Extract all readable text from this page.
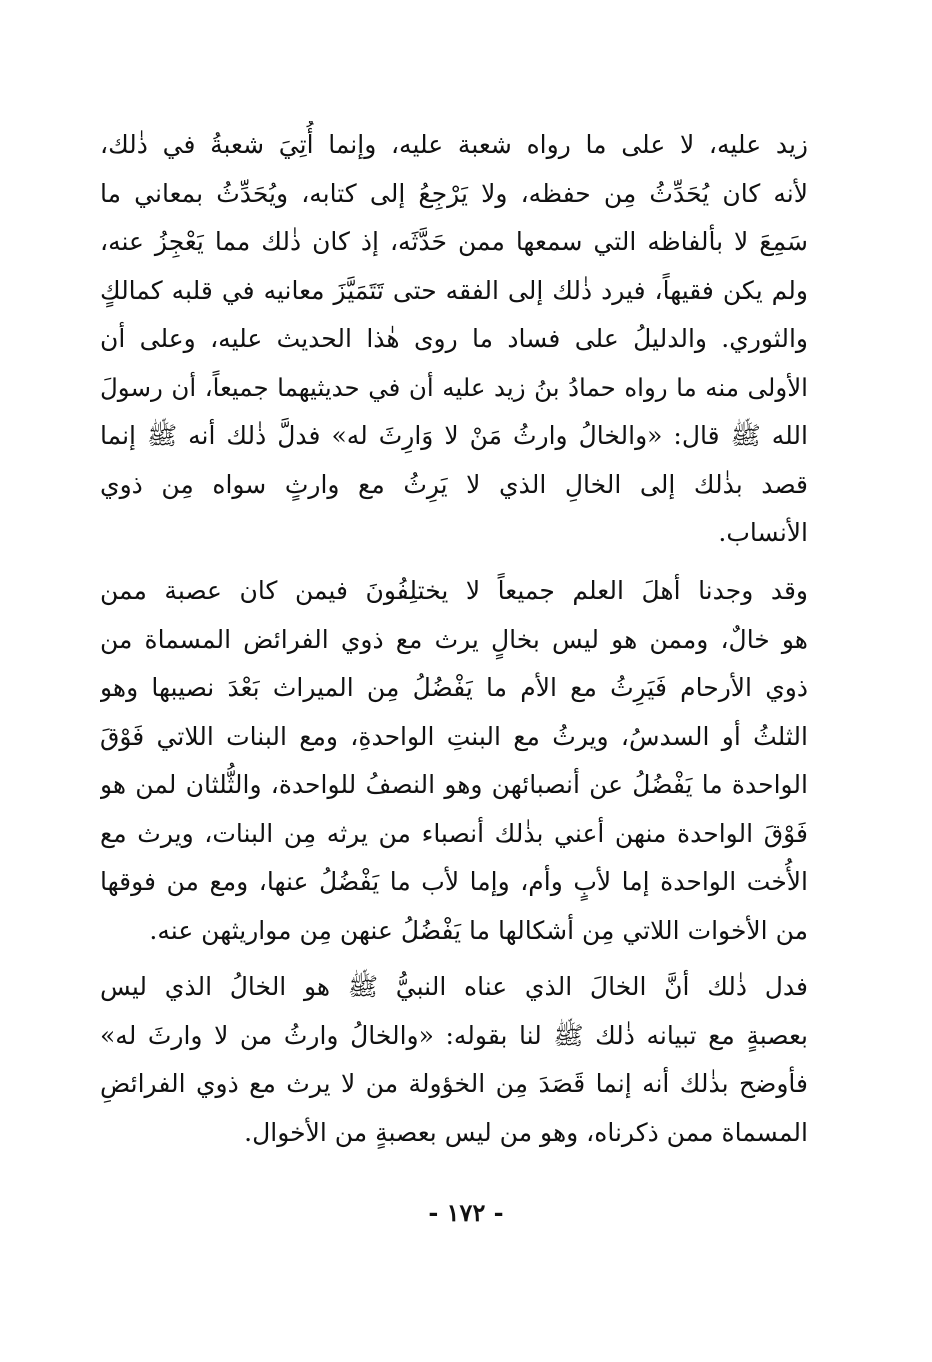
زيد عليه، لا على ما رواه شعبة عليه، وإنما أُتِيَ شعبةُ في ذٰلك،
لأنه كان يُحَدِّثُ مِن حفظه، ولا يَرْجِعُ إلى كتابه، ويُحَدِّثُ بمعاني ما
سَمِعَ لا بألفاظه التي سمعها ممن حَدَّثَه، إذ كان ذٰلك مما يَعْجِزُ عنه،
ولم يكن فقيهاً، فيرد ذٰلك إلى الفقه حتى تَتَمَيَّزَ معانيه في قلبه كمالكٍ
والثوري. والدليلُ على فساد ما روى هٰذا الحديث عليه، وعلى أن
الأولى منه ما رواه حمادُ بنُ زيد عليه أن في حديثيهما جميعاً، أن رسولَ
الله ﷺ قال: «والخالُ وارثُ مَنْ لا وَارِثَ له» فدلَّ ذٰلك أنه ﷺ إنما
قصد بذٰلك إلى الخالِ الذي لا يَرِثُ مع وارثٍ سواه مِن ذوي
الأنساب.
وقد وجدنا أهلَ العلم جميعاً لا يختلِفُونَ فيمن كان عصبة ممن
هو خالٌ، وممن هو ليس بخالٍ يرث مع ذوي الفرائض المسماة من
ذوي الأرحام فَيَرِثُ مع الأم ما يَفْضُلُ مِن الميراث بَعْدَ نصيبها وهو
الثلثُ أو السدسُ، ويرثُ مع البنتِ الواحدةِ، ومع البنات اللاتي فَوْقَ
الواحدة ما يَفْضُلُ عن أنصبائهن وهو النصفُ للواحدة، والثُّلثان لمن هو
فَوْقَ الواحدة منهن أعني بذٰلك أنصباء من يرثه مِن البنات، ويرث مع
الأُخت الواحدة إما لأبٍ وأم، وإما لأب ما يَفْضُلُ عنها، ومع من فوقها
من الأخوات اللاتي مِن أشكالها ما يَفْضُلُ عنهن مِن مواريثهن عنه.
فدل ذٰلك أنَّ الخالَ الذي عناه النبيُّ ﷺ هو الخالُ الذي ليس
بعصبةٍ مع تبيانه ذٰلك ﷺ لنا بقوله: «والخالُ وارثُ من لا وارثَ له»
فأوضح بذٰلك أنه إنما قَصَدَ مِن الخؤولة من لا يرث مع ذوي الفرائضِ
المسماة ممن ذكرناه، وهو من ليس بعصبةٍ من الأخوال.
- ١٧٢ -
